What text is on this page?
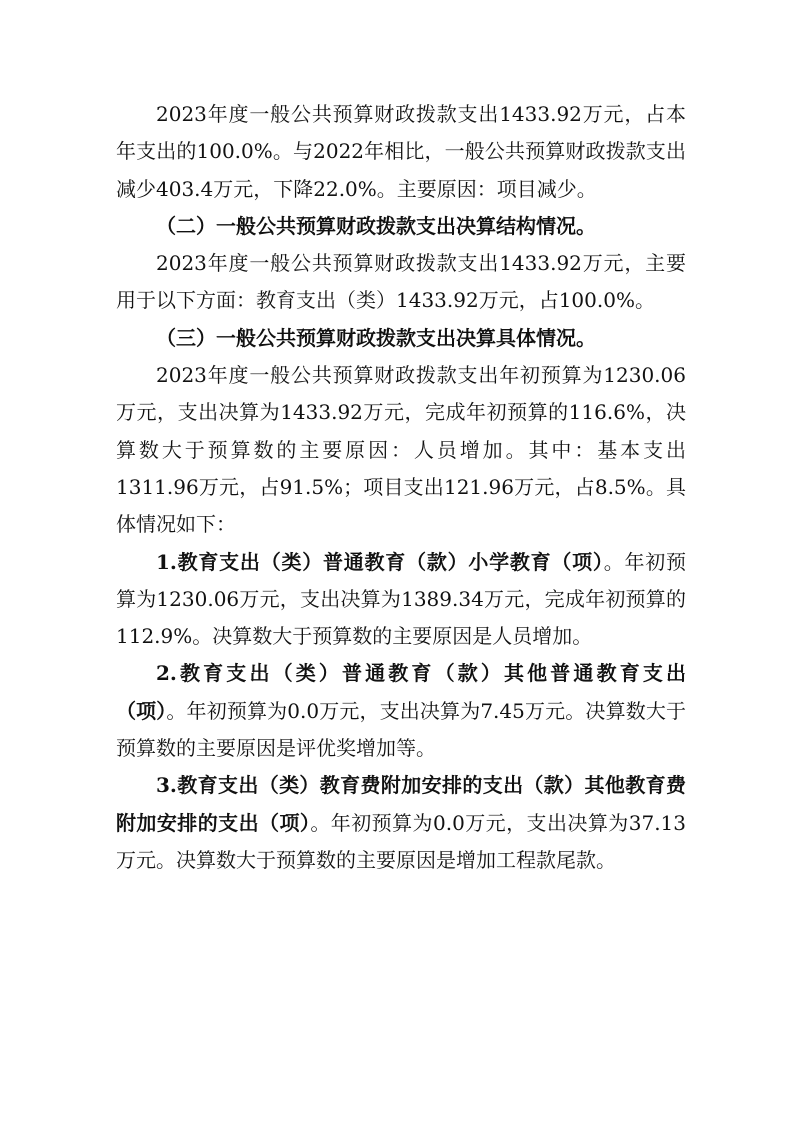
2023年度一般公共预算财政拨款支出1433.92万元，占本年支出的100.0%。与2022年相比，一般公共预算财政拨款支出减少403.4万元，下降22.0%。主要原因：项目减少。

（二）一般公共预算财政拨款支出决算结构情况。

2023年度一般公共预算财政拨款支出1433.92万元，主要用于以下方面：教育支出（类）1433.92万元，占100.0%。

（三）一般公共预算财政拨款支出决算具体情况。

2023年度一般公共预算财政拨款支出年初预算为1230.06万元，支出决算为1433.92万元，完成年初预算的116.6%，决算数大于预算数的主要原因：人员增加。其中：基本支出1311.96万元，占91.5%；项目支出121.96万元，占8.5%。具体情况如下：

1.教育支出（类）普通教育（款）小学教育（项）。年初预算为1230.06万元，支出决算为1389.34万元，完成年初预算的112.9%。决算数大于预算数的主要原因是人员增加。

2.教育支出（类）普通教育（款）其他普通教育支出（项）。年初预算为0.0万元，支出决算为7.45万元。决算数大于预算数的主要原因是评优奖增加等。

3.教育支出（类）教育费附加安排的支出（款）其他教育费附加安排的支出（项）。年初预算为0.0万元，支出决算为37.13万元。决算数大于预算数的主要原因是增加工程款尾款。
